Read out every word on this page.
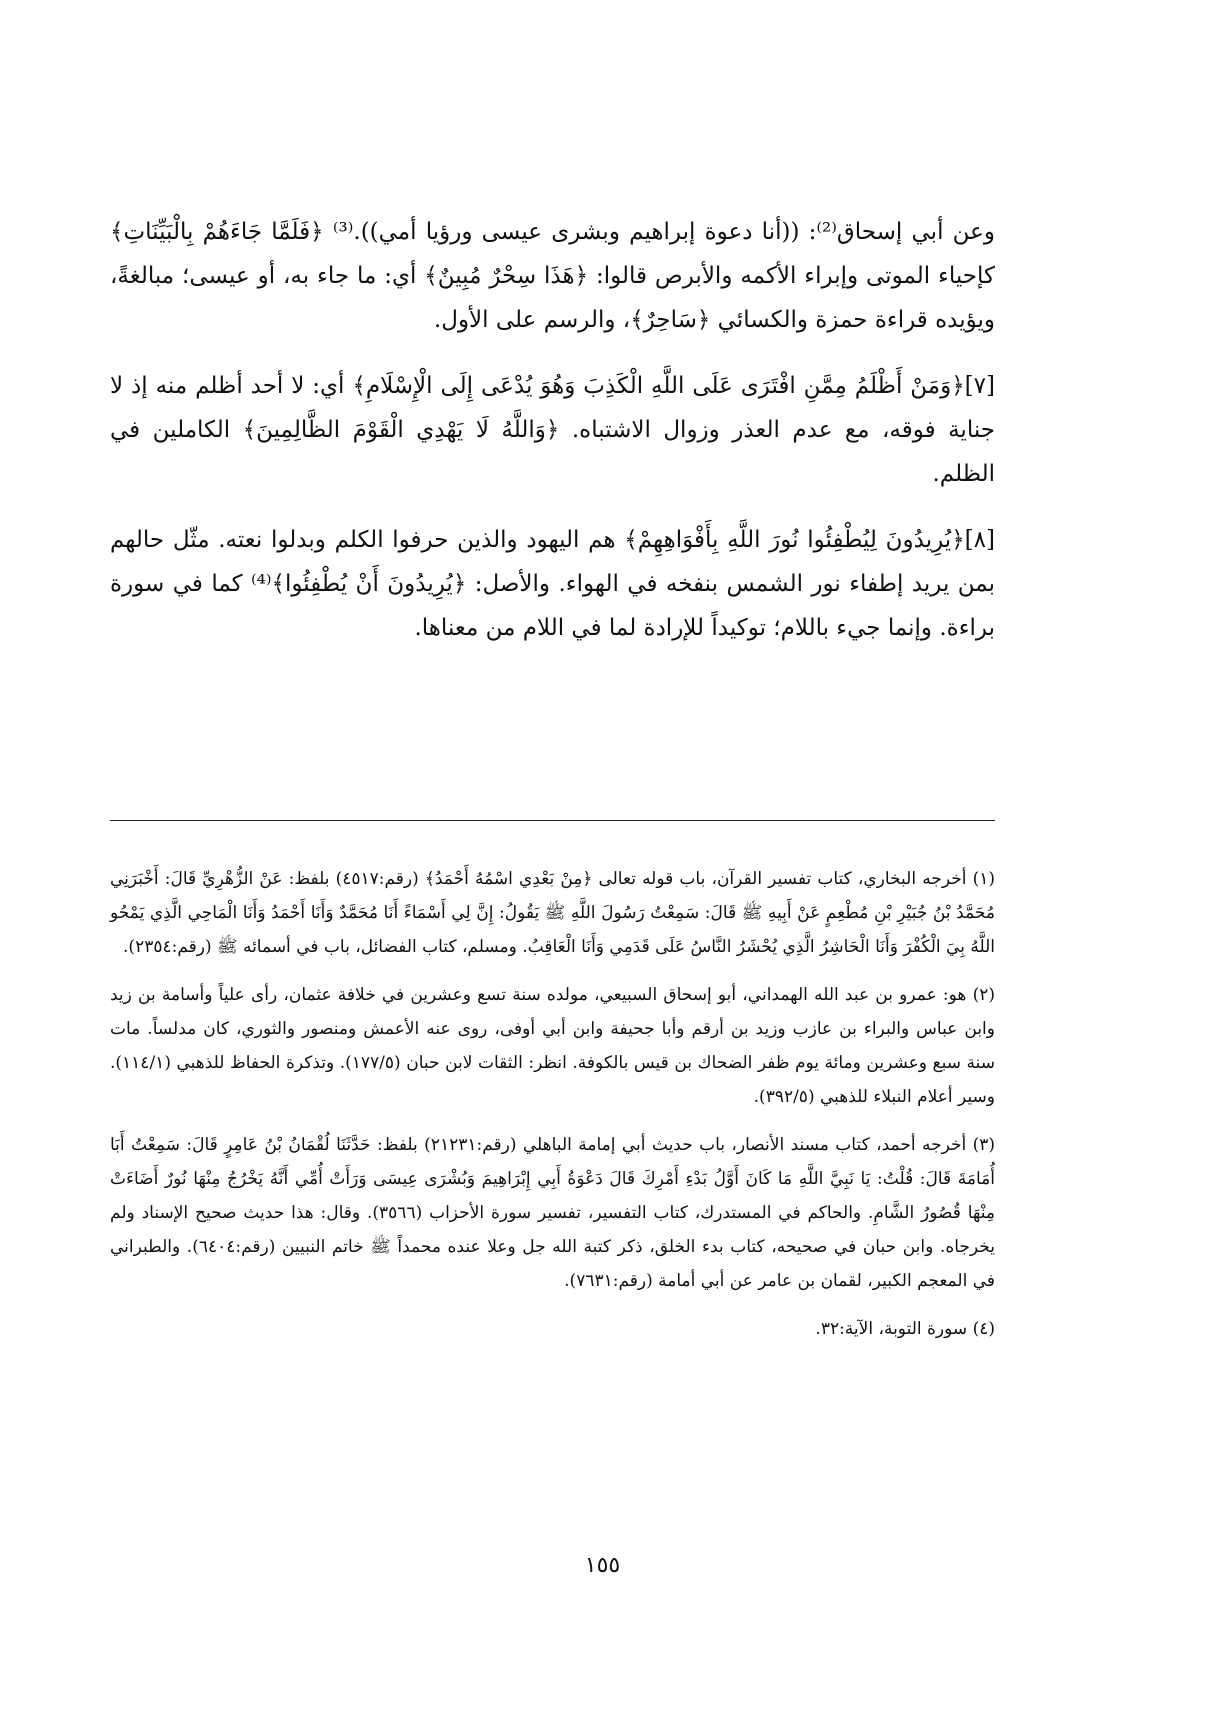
وعن أبي إسحاق⁽²⁾: ((أنا دعوة إبراهيم وبشرى عيسى ورؤيا أمي)).⁽³⁾ ﴿فَلَمَّا جَاءَهُمْ بِالْبَيِّنَاتِ﴾ كإحياء الموتى وإبراء الأكمه والأبرص قالوا: ﴿هَذَا سِحْرٌ مُبِينٌ﴾ أي: ما جاء به، أو عيسى؛ مبالغةً، ويؤيده قراءة حمزة والكسائي ﴿سَاحِرٌ﴾، والرسم على الأول.

[٧]﴿وَمَنْ أَظْلَمُ مِمَّنِ افْتَرَى عَلَى اللَّهِ الْكَذِبَ وَهُوَ يُدْعَى إِلَى الْإِسْلَامِ﴾ أي: لا أحد أظلم منه إذ لا جناية فوقه، مع عدم العذر وزوال الاشتباه. ﴿وَاللَّهُ لَا يَهْدِي الْقَوْمَ الظَّالِمِينَ﴾ الكاملين في الظلم.

[٨]﴿يُرِيدُونَ لِيُطْفِئُوا نُورَ اللَّهِ بِأَفْوَاهِهِمْ﴾ هم اليهود والذين حرفوا الكلم وبدلوا نعته. مثّل حالهم بمن يريد إطفاء نور الشمس بنفخه في الهواء. والأصل: ﴿يُرِيدُونَ أَنْ يُطْفِئُوا﴾⁽⁴⁾ كما في سورة براءة. وإنما جيء باللام؛ توكيداً للإرادة لما في اللام من معناها.

(١) أخرجه البخاري، كتاب تفسير القرآن، باب قوله تعالى ﴿مِنْ بَعْدِي اسْمُهُ أَحْمَدُ﴾ (رقم:٤٥١٧) بلفظ: عَنْ الزُّهْرِيِّ قَالَ: أَخْبَرَنِي مُحَمَّدُ بْنُ جُبَيْرِ بْنِ مُطْعِمٍ عَنْ أَبِيهِ ﷺ قَالَ: سَمِعْتُ رَسُولَ اللَّهِ ﷺ يَقُولُ: إِنَّ لِي أَسْمَاءً أَنَا مُحَمَّدٌ وَأَنَا أَحْمَدُ وَأَنَا الْمَاحِي الَّذِي يَمْحُو اللَّهُ بِيَ الْكُفْرَ وَأَنَا الْحَاشِرُ الَّذِي يُحْشَرُ النَّاسُ عَلَى قَدَمِي وَأَنَا الْعَاقِبُ. ومسلم، كتاب الفضائل، باب في أسمائه ﷺ (رقم:٢٣٥٤).

(٢) هو: عمرو بن عبد الله الهمداني، أبو إسحاق السبيعي، مولده سنة تسع وعشرين في خلافة عثمان، رأى علياً وأسامة بن زيد وابن عباس والبراء بن عازب وزيد بن أرقم وأبا جحيفة وابن أبي أوفى، روى عنه الأعمش ومنصور والثوري، كان مدلساً. مات سنة سبع وعشرين ومائة يوم ظفر الضحاك بن قيس بالكوفة. انظر: الثقات لابن حبان (١٧٧/٥). وتذكرة الحفاظ للذهبي (١١٤/١). وسير أعلام النبلاء للذهبي (٣٩٢/٥).

(٣) أخرجه أحمد، كتاب مسند الأنصار، باب حديث أبي إمامة الباهلي (رقم:٢١٢٣١) بلفظ: حَدَّثَنَا لُقْمَانُ بْنُ عَامِرٍ قَالَ: سَمِعْتُ أَبَا أُمَامَةَ قَالَ: قُلْتُ: يَا نَبِيَّ اللَّهِ مَا كَانَ أَوَّلُ بَدْءِ أَمْرِكَ قَالَ دَعْوَةُ أَبِي إِبْرَاهِيمَ وَبُشْرَى عِيسَى وَرَأَتْ أُمِّي أَنَّهُ يَخْرُجُ مِنْهَا نُورٌ أَضَاءَتْ مِنْهَا قُصُورُ الشَّامِ. والحاكم في المستدرك، كتاب التفسير، تفسير سورة الأحزاب (٣٥٦٦). وقال: هذا حديث صحيح الإسناد ولم يخرجاه. وابن حبان في صحيحه، كتاب بدء الخلق، ذكر كتبة الله جل وعلا عنده محمداً ﷺ خاتم النبيين (رقم:٦٤٠٤). والطبراني في المعجم الكبير، لقمان بن عامر عن أبي أمامة (رقم:٧٦٣١).

(٤) سورة التوبة، الآية:٣٢.

١٥٥
